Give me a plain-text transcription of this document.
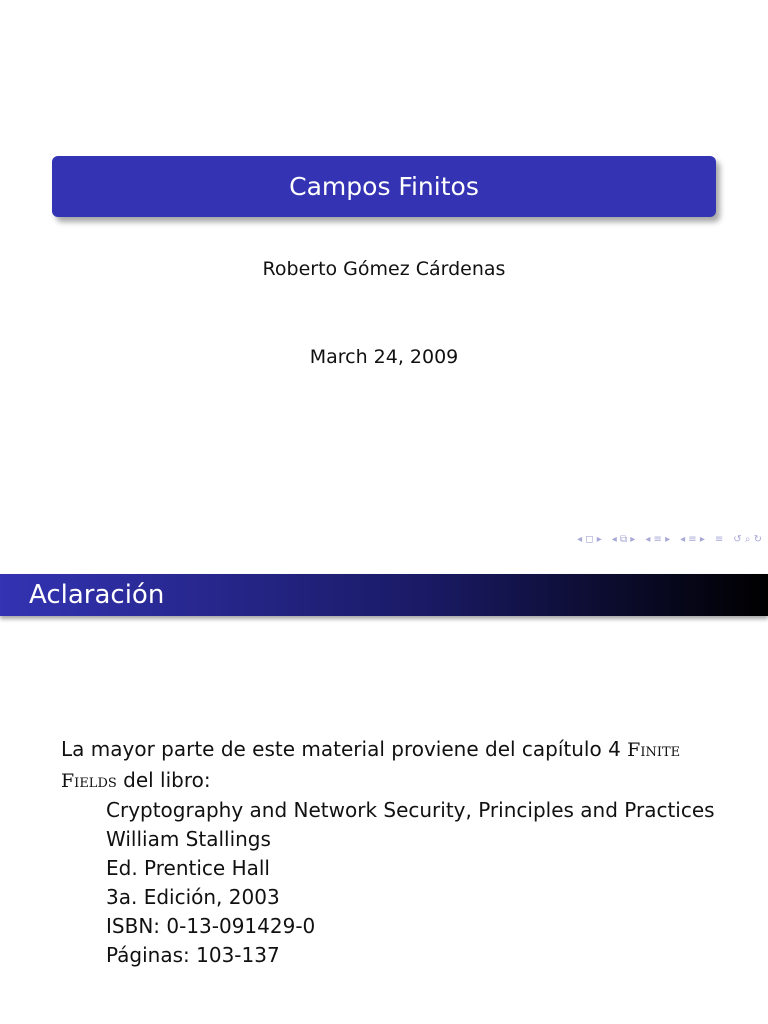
Campos Finitos
Roberto Gómez Cárdenas
March 24, 2009
◂ ◻ ▸ ◂ ⧉ ▸ ◂ ≡ ▸ ◂ ≡ ▸ ≡ ↺ ⌕ ↻
Aclaración
La mayor parte de este material proviene del capítulo 4 Finite Fields del libro:
Cryptography and Network Security, Principles and Practices
William Stallings
Ed. Prentice Hall
3a. Edición, 2003
ISBN: 0-13-091429-0
Páginas: 103-137
